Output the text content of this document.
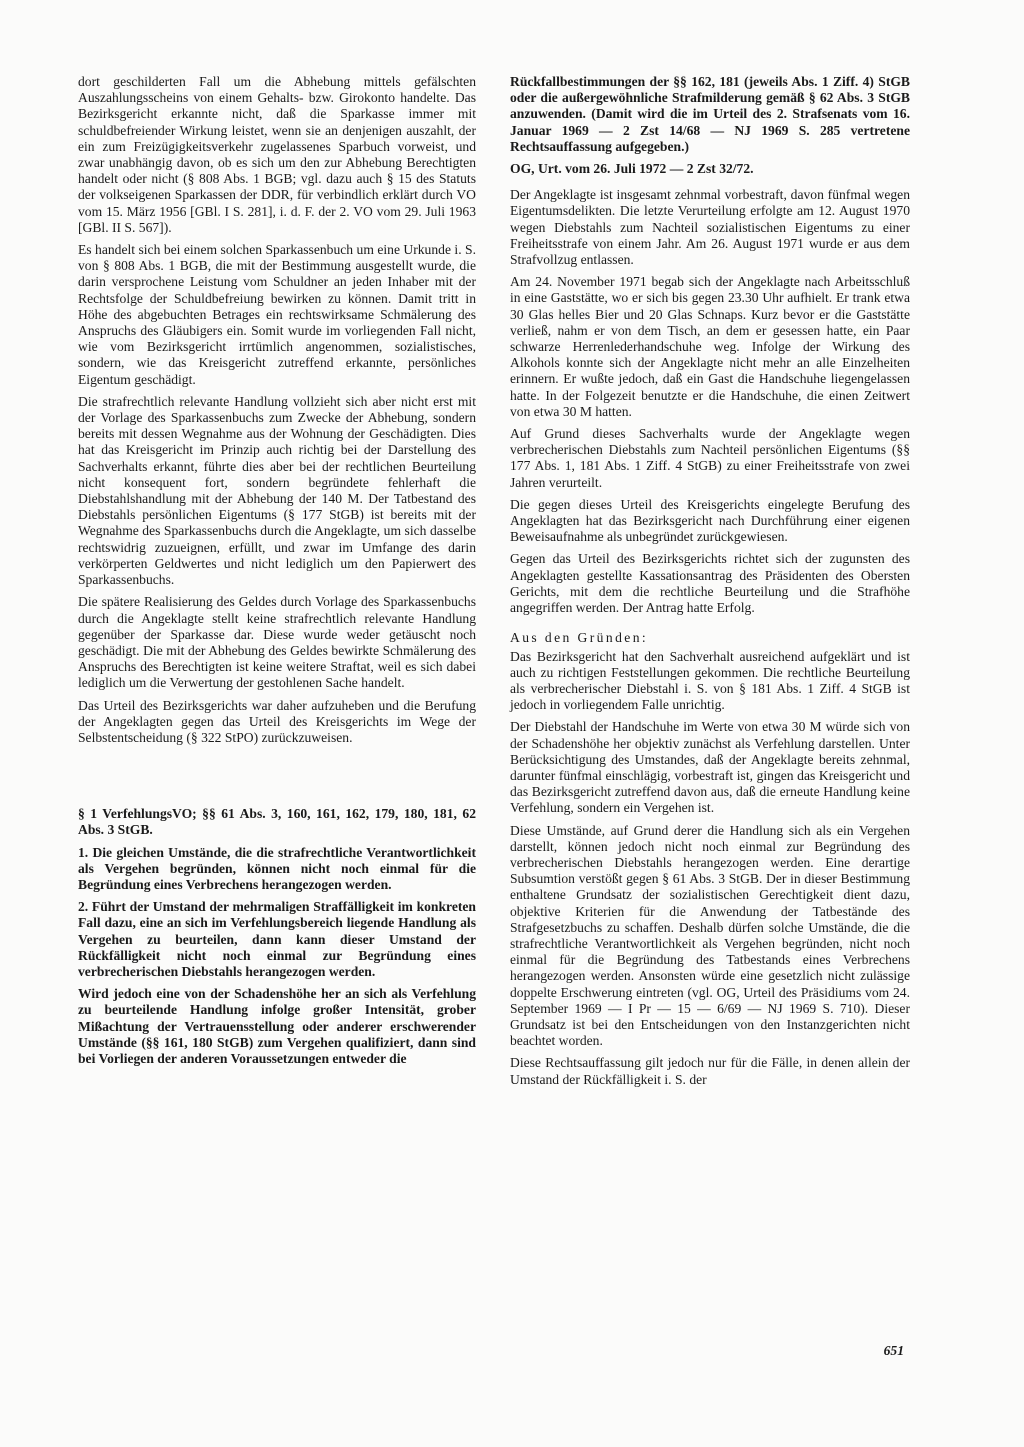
dort geschilderten Fall um die Abhebung mittels gefälschten Auszahlungsscheins von einem Gehalts- bzw. Girokonto handelte. Das Bezirksgericht erkannte nicht, daß die Sparkasse immer mit schuldbefreiender Wirkung leistet, wenn sie an denjenigen auszahlt, der ein zum Freizügigkeitsverkehr zugelassenes Sparbuch vorweist, und zwar unabhängig davon, ob es sich um den zur Abhebung Berechtigten handelt oder nicht (§ 808 Abs. 1 BGB; vgl. dazu auch § 15 des Statuts der volkseigenen Sparkassen der DDR, für verbindlich erklärt durch VO vom 15. März 1956 [GBl. I S. 281], i. d. F. der 2. VO vom 29. Juli 1963 [GBl. II S. 567]).

Es handelt sich bei einem solchen Sparkassenbuch um eine Urkunde i. S. von § 808 Abs. 1 BGB, die mit der Bestimmung ausgestellt wurde, die darin versprochene Leistung vom Schuldner an jeden Inhaber mit der Rechtsfolge der Schuldbefreiung bewirken zu können. Damit tritt in Höhe des abgebuchten Betrages ein rechtswirksame Schmälerung des Anspruchs des Gläubigers ein. Somit wurde im vorliegenden Fall nicht, wie vom Bezirksgericht irrtümlich angenommen, sozialistisches, sondern, wie das Kreisgericht zutreffend erkannte, persönliches Eigentum geschädigt.

Die strafrechtlich relevante Handlung vollzieht sich aber nicht erst mit der Vorlage des Sparkassenbuchs zum Zwecke der Abhebung, sondern bereits mit dessen Wegnahme aus der Wohnung der Geschädigten. Dies hat das Kreisgericht im Prinzip auch richtig bei der Darstellung des Sachverhalts erkannt, führte dies aber bei der rechtlichen Beurteilung nicht konsequent fort, sondern begründete fehlerhaft die Diebstahlshandlung mit der Abhebung der 140 M. Der Tatbestand des Diebstahls persönlichen Eigentums (§ 177 StGB) ist bereits mit der Wegnahme des Sparkassenbuchs durch die Angeklagte, um sich dasselbe rechtswidrig zuzueignen, erfüllt, und zwar im Umfange des darin verkörperten Geldwertes und nicht lediglich um den Papierwert des Sparkassenbuchs.

Die spätere Realisierung des Geldes durch Vorlage des Sparkassenbuchs durch die Angeklagte stellt keine strafrechtlich relevante Handlung gegenüber der Sparkasse dar. Diese wurde weder getäuscht noch geschädigt. Die mit der Abhebung des Geldes bewirkte Schmälerung des Anspruchs des Berechtigten ist keine weitere Straftat, weil es sich dabei lediglich um die Verwertung der gestohlenen Sache handelt.

Das Urteil des Bezirksgerichts war daher aufzuheben und die Berufung der Angeklagten gegen das Urteil des Kreisgerichts im Wege der Selbstentscheidung (§ 322 StPO) zurückzuweisen.

§ 1 VerfehlungsVO; §§ 61 Abs. 3, 160, 161, 162, 179, 180, 181, 62 Abs. 3 StGB.

1. Die gleichen Umstände, die die strafrechtliche Verantwortlichkeit als Vergehen begründen, können nicht noch einmal für die Begründung eines Verbrechens herangezogen werden.

2. Führt der Umstand der mehrmaligen Straffälligkeit im konkreten Fall dazu, eine an sich im Verfehlungsbereich liegende Handlung als Vergehen zu beurteilen, dann kann dieser Umstand der Rückfälligkeit nicht noch einmal zur Begründung eines verbrecherischen Diebstahls herangezogen werden.

Wird jedoch eine von der Schadenshöhe her an sich als Verfehlung zu beurteilende Handlung infolge großer Intensität, grober Mißachtung der Vertrauensstellung oder anderer erschwerender Umstände (§§ 161, 180 StGB) zum Vergehen qualifiziert, dann sind bei Vorliegen der anderen Voraussetzungen entweder die

Rückfallbestimmungen der §§ 162, 181 (jeweils Abs. 1 Ziff. 4) StGB oder die außergewöhnliche Strafmilderung gemäß § 62 Abs. 3 StGB anzuwenden. (Damit wird die im Urteil des 2. Strafsenats vom 16. Januar 1969 — 2 Zst 14/68 — NJ 1969 S. 285 vertretene Rechtsauffassung aufgegeben.)

OG, Urt. vom 26. Juli 1972 — 2 Zst 32/72.

Der Angeklagte ist insgesamt zehnmal vorbestraft, davon fünfmal wegen Eigentumsdelikten. Die letzte Verurteilung erfolgte am 12. August 1970 wegen Diebstahls zum Nachteil sozialistischen Eigentums zu einer Freiheitsstrafe von einem Jahr. Am 26. August 1971 wurde er aus dem Strafvollzug entlassen.

Am 24. November 1971 begab sich der Angeklagte nach Arbeitsschluß in eine Gaststätte, wo er sich bis gegen 23.30 Uhr aufhielt. Er trank etwa 30 Glas helles Bier und 20 Glas Schnaps. Kurz bevor er die Gaststätte verließ, nahm er von dem Tisch, an dem er gesessen hatte, ein Paar schwarze Herrenlederhandschuhe weg. Infolge der Wirkung des Alkohols konnte sich der Angeklagte nicht mehr an alle Einzelheiten erinnern. Er wußte jedoch, daß ein Gast die Handschuhe liegengelassen hatte. In der Folgezeit benutzte er die Handschuhe, die einen Zeitwert von etwa 30 M hatten.

Auf Grund dieses Sachverhalts wurde der Angeklagte wegen verbrecherischen Diebstahls zum Nachteil persönlichen Eigentums (§§ 177 Abs. 1, 181 Abs. 1 Ziff. 4 StGB) zu einer Freiheitsstrafe von zwei Jahren verurteilt.

Die gegen dieses Urteil des Kreisgerichts eingelegte Berufung des Angeklagten hat das Bezirksgericht nach Durchführung einer eigenen Beweisaufnahme als unbegründet zurückgewiesen.

Gegen das Urteil des Bezirksgerichts richtet sich der zugunsten des Angeklagten gestellte Kassationsantrag des Präsidenten des Obersten Gerichts, mit dem die rechtliche Beurteilung und die Strafhöhe angegriffen werden. Der Antrag hatte Erfolg.

Aus den Gründen:

Das Bezirksgericht hat den Sachverhalt ausreichend aufgeklärt und ist auch zu richtigen Feststellungen gekommen. Die rechtliche Beurteilung als verbrecherischer Diebstahl i. S. von § 181 Abs. 1 Ziff. 4 StGB ist jedoch in vorliegendem Falle unrichtig.

Der Diebstahl der Handschuhe im Werte von etwa 30 M würde sich von der Schadenshöhe her objektiv zunächst als Verfehlung darstellen. Unter Berücksichtigung des Umstandes, daß der Angeklagte bereits zehnmal, darunter fünfmal einschlägig, vorbestraft ist, gingen das Kreisgericht und das Bezirksgericht zutreffend davon aus, daß die erneute Handlung keine Verfehlung, sondern ein Vergehen ist.

Diese Umstände, auf Grund derer die Handlung sich als ein Vergehen darstellt, können jedoch nicht noch einmal zur Begründung des verbrecherischen Diebstahls herangezogen werden. Eine derartige Subsumtion verstößt gegen § 61 Abs. 3 StGB. Der in dieser Bestimmung enthaltene Grundsatz der sozialistischen Gerechtigkeit dient dazu, objektive Kriterien für die Anwendung der Tatbestände des Strafgesetzbuchs zu schaffen. Deshalb dürfen solche Umstände, die die strafrechtliche Verantwortlichkeit als Vergehen begründen, nicht noch einmal für die Begründung des Tatbestands eines Verbrechens herangezogen werden. Ansonsten würde eine gesetzlich nicht zulässige doppelte Erschwerung eintreten (vgl. OG, Urteil des Präsidiums vom 24. September 1969 — I Pr — 15 — 6/69 — NJ 1969 S. 710). Dieser Grundsatz ist bei den Entscheidungen von den Instanzgerichten nicht beachtet worden.

Diese Rechtsauffassung gilt jedoch nur für die Fälle, in denen allein der Umstand der Rückfälligkeit i. S. der

651
